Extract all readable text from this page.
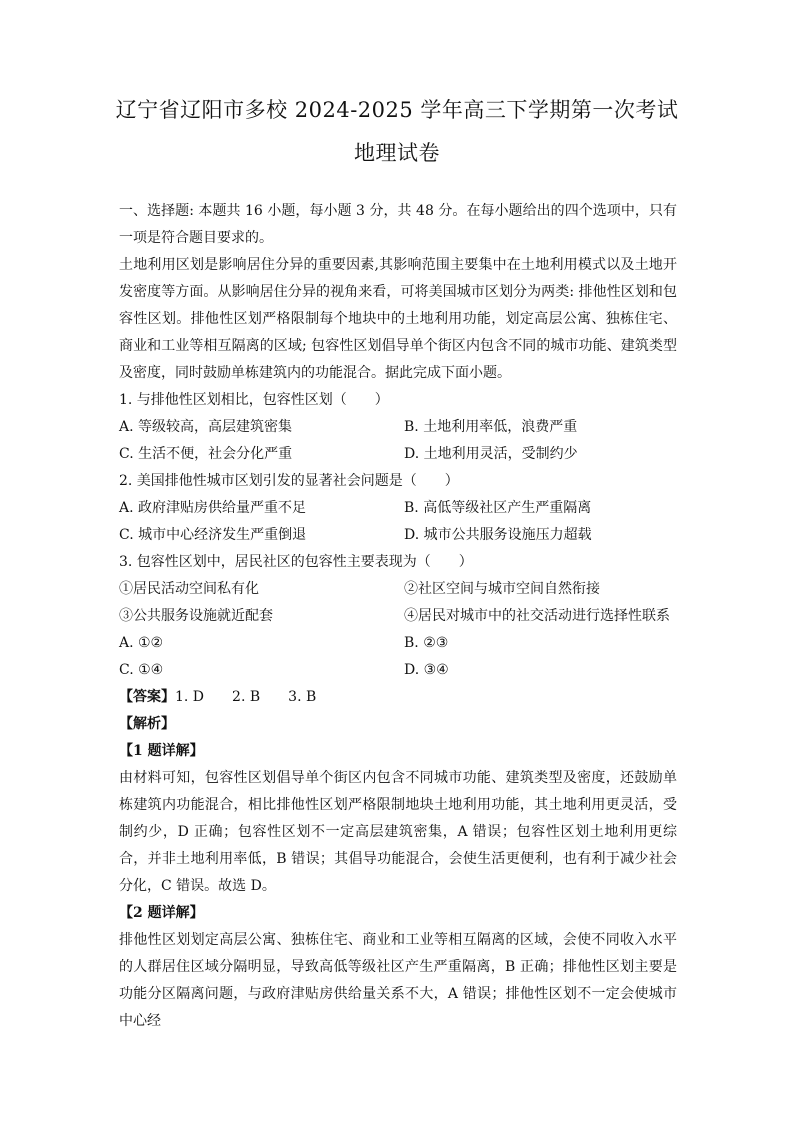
辽宁省辽阳市多校 2024-2025 学年高三下学期第一次考试
地理试卷

一、选择题: 本题共 16 小题，每小题 3 分，共 48 分。在每小题给出的四个选项中，只有一项是符合题目要求的。

土地利用区划是影响居住分异的重要因素,其影响范围主要集中在土地利用模式以及土地开发密度等方面。从影响居住分异的视角来看，可将美国城市区划分为两类: 排他性区划和包容性区划。排他性区划严格限制每个地块中的土地利用功能，划定高层公寓、独栋住宅、商业和工业等相互隔离的区域; 包容性区划倡导单个街区内包含不同的城市功能、建筑类型及密度，同时鼓励单栋建筑内的功能混合。据此完成下面小题。

1. 与排他性区划相比，包容性区划（　　）

A. 等级较高，高层建筑密集	B. 土地利用率低，浪费严重
C. 生活不便，社会分化严重	D. 土地利用灵活，受制约少

2. 美国排他性城市区划引发的显著社会问题是（　　）

A. 政府津贴房供给量严重不足	B. 高低等级社区产生严重隔离
C. 城市中心经济发生严重倒退	D. 城市公共服务设施压力超载

3. 包容性区划中，居民社区的包容性主要表现为（　　）

①居民活动空间私有化	②社区空间与城市空间自然衔接
③公共服务设施就近配套	④居民对城市中的社交活动进行选择性联系
A. ①②	B. ②③
C. ①④	D. ③④
【答案】 1. D 2. B 3. B

【解析】

【1 题详解】

由材料可知，包容性区划倡导单个街区内包含不同城市功能、建筑类型及密度，还鼓励单栋建筑内功能混合，相比排他性区划严格限制地块土地利用功能，其土地利用更灵活，受制约少，D 正确；包容性区划不一定高层建筑密集，A 错误；包容性区划土地利用更综合，并非土地利用率低，B 错误；其倡导功能混合，会使生活更便利，也有利于减少社会分化，C 错误。故选 D。

【2 题详解】

排他性区划划定高层公寓、独栋住宅、商业和工业等相互隔离的区域，会使不同收入水平的人群居住区域分隔明显，导致高低等级社区产生严重隔离，B 正确；排他性区划主要是功能分区隔离问题，与政府津贴房供给量关系不大，A 错误；排他性区划不一定会使城市中心经
